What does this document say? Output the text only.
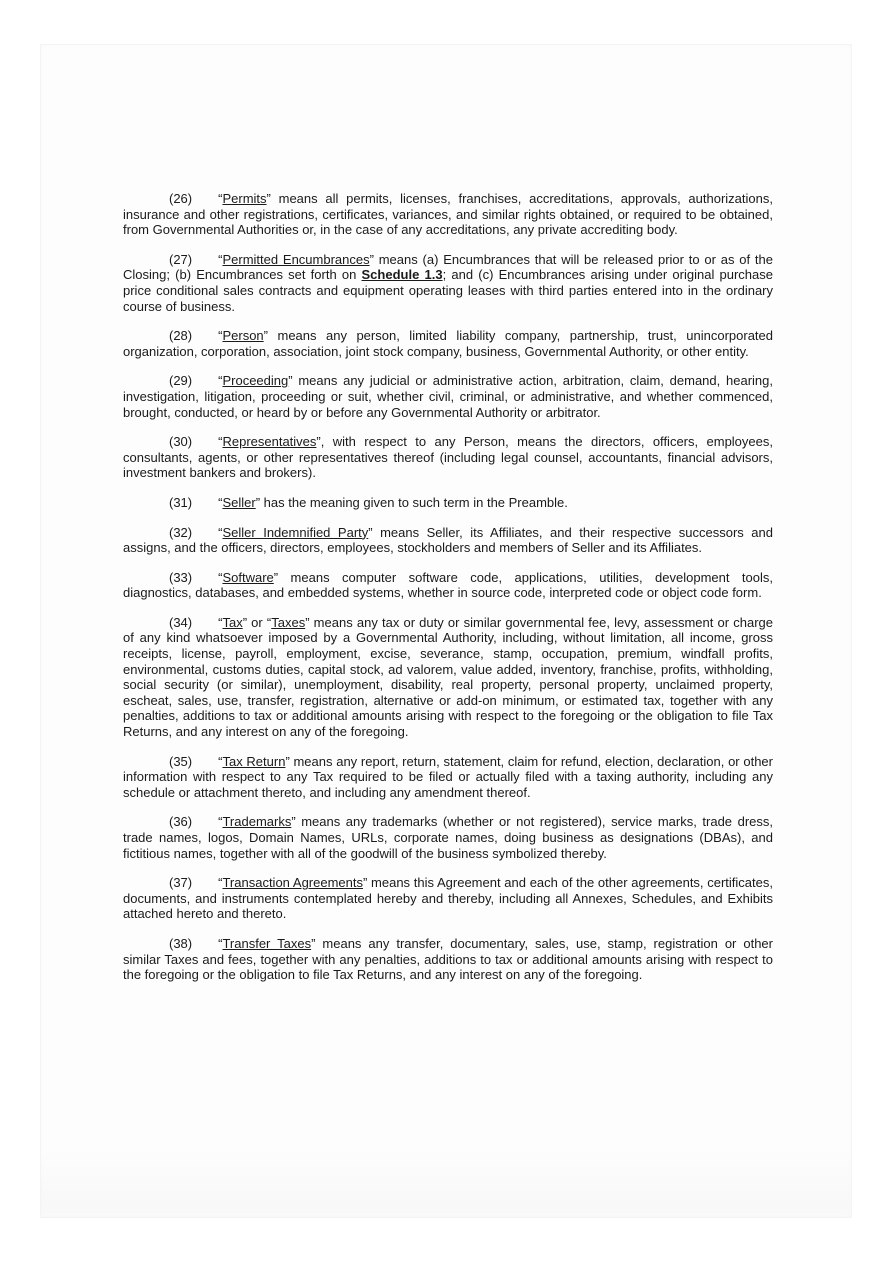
(26) “Permits” means all permits, licenses, franchises, accreditations, approvals, authorizations, insurance and other registrations, certificates, variances, and similar rights obtained, or required to be obtained, from Governmental Authorities or, in the case of any accreditations, any private accrediting body.

(27) “Permitted Encumbrances” means (a) Encumbrances that will be released prior to or as of the Closing; (b) Encumbrances set forth on Schedule 1.3; and (c) Encumbrances arising under original purchase price conditional sales contracts and equipment operating leases with third parties entered into in the ordinary course of business.

(28) “Person” means any person, limited liability company, partnership, trust, unincorporated organization, corporation, association, joint stock company, business, Governmental Authority, or other entity.

(29) “Proceeding” means any judicial or administrative action, arbitration, claim, demand, hearing, investigation, litigation, proceeding or suit, whether civil, criminal, or administrative, and whether commenced, brought, conducted, or heard by or before any Governmental Authority or arbitrator.

(30) “Representatives”, with respect to any Person, means the directors, officers, employees, consultants, agents, or other representatives thereof (including legal counsel, accountants, financial advisors, investment bankers and brokers).

(31) “Seller” has the meaning given to such term in the Preamble.

(32) “Seller Indemnified Party” means Seller, its Affiliates, and their respective successors and assigns, and the officers, directors, employees, stockholders and members of Seller and its Affiliates.

(33) “Software” means computer software code, applications, utilities, development tools, diagnostics, databases, and embedded systems, whether in source code, interpreted code or object code form.

(34) “Tax” or “Taxes” means any tax or duty or similar governmental fee, levy, assessment or charge of any kind whatsoever imposed by a Governmental Authority, including, without limitation, all income, gross receipts, license, payroll, employment, excise, severance, stamp, occupation, premium, windfall profits, environmental, customs duties, capital stock, ad valorem, value added, inventory, franchise, profits, withholding, social security (or similar), unemployment, disability, real property, personal property, unclaimed property, escheat, sales, use, transfer, registration, alternative or add-on minimum, or estimated tax, together with any penalties, additions to tax or additional amounts arising with respect to the foregoing or the obligation to file Tax Returns, and any interest on any of the foregoing.

(35) “Tax Return” means any report, return, statement, claim for refund, election, declaration, or other information with respect to any Tax required to be filed or actually filed with a taxing authority, including any schedule or attachment thereto, and including any amendment thereof.

(36) “Trademarks” means any trademarks (whether or not registered), service marks, trade dress, trade names, logos, Domain Names, URLs, corporate names, doing business as designations (DBAs), and fictitious names, together with all of the goodwill of the business symbolized thereby.

(37) “Transaction Agreements” means this Agreement and each of the other agreements, certificates, documents, and instruments contemplated hereby and thereby, including all Annexes, Schedules, and Exhibits attached hereto and thereto.

(38) “Transfer Taxes” means any transfer, documentary, sales, use, stamp, registration or other similar Taxes and fees, together with any penalties, additions to tax or additional amounts arising with respect to the foregoing or the obligation to file Tax Returns, and any interest on any of the foregoing.
